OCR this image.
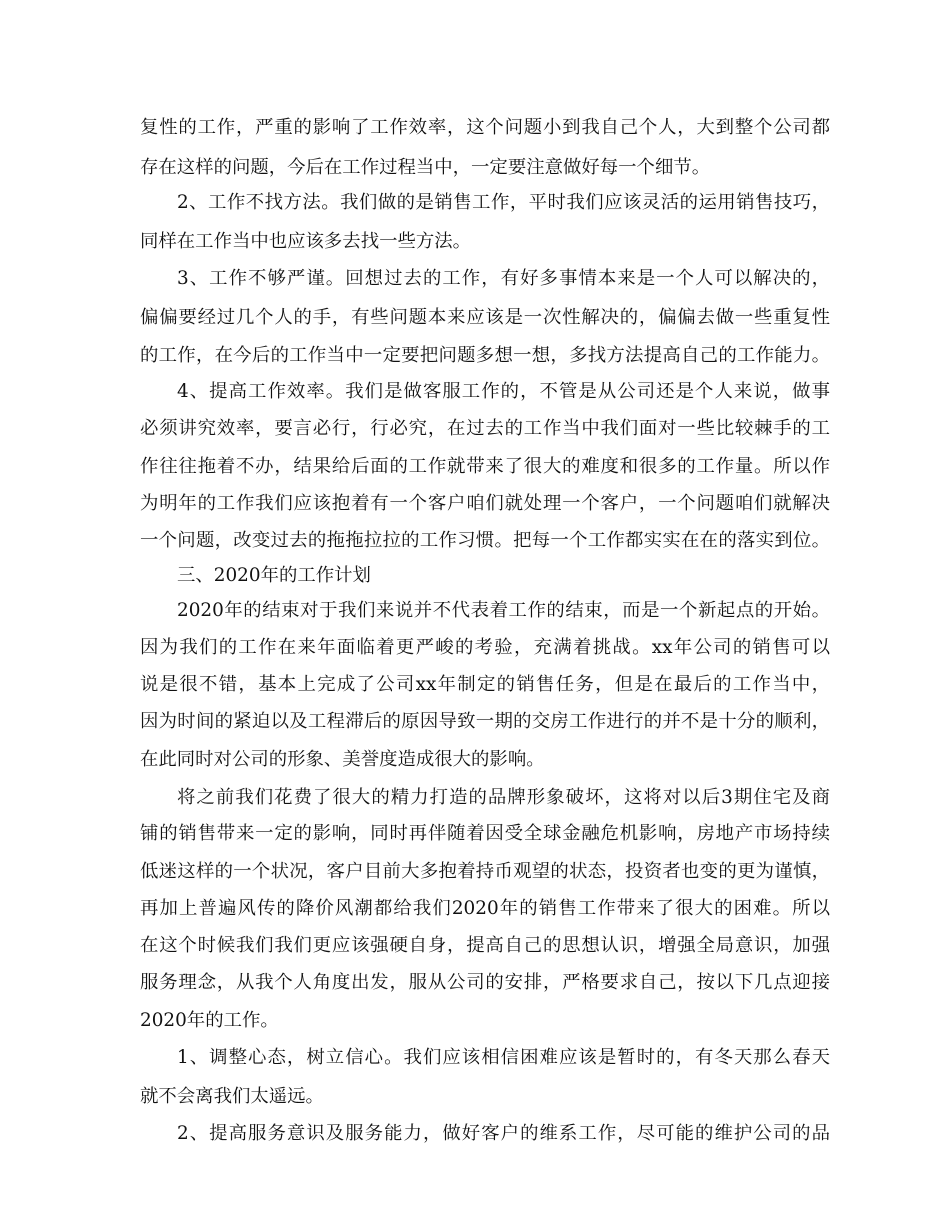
复性的工作，严重的影响了工作效率，这个问题小到我自己个人，大到整个公司都

存在这样的问题，今后在工作过程当中，一定要注意做好每一个细节。

2、工作不找方法。我们做的是销售工作，平时我们应该灵活的运用销售技巧，

同样在工作当中也应该多去找一些方法。

3、工作不够严谨。回想过去的工作，有好多事情本来是一个人可以解决的，

偏偏要经过几个人的手，有些问题本来应该是一次性解决的，偏偏去做一些重复性

的工作，在今后的工作当中一定要把问题多想一想，多找方法提高自己的工作能力。

4、提高工作效率。我们是做客服工作的，不管是从公司还是个人来说，做事

必须讲究效率，要言必行，行必究，在过去的工作当中我们面对一些比较棘手的工

作往往拖着不办，结果给后面的工作就带来了很大的难度和很多的工作量。所以作

为明年的工作我们应该抱着有一个客户咱们就处理一个客户，一个问题咱们就解决

一个问题，改变过去的拖拖拉拉的工作习惯。把每一个工作都实实在在的落实到位。

三、2020年的工作计划

2020年的结束对于我们来说并不代表着工作的结束，而是一个新起点的开始。

因为我们的工作在来年面临着更严峻的考验，充满着挑战。xx年公司的销售可以

说是很不错，基本上完成了公司xx年制定的销售任务，但是在最后的工作当中，

因为时间的紧迫以及工程滞后的原因导致一期的交房工作进行的并不是十分的顺利，

在此同时对公司的形象、美誉度造成很大的影响。

将之前我们花费了很大的精力打造的品牌形象破坏，这将对以后3期住宅及商

铺的销售带来一定的影响，同时再伴随着因受全球金融危机影响，房地产市场持续

低迷这样的一个状况，客户目前大多抱着持币观望的状态，投资者也变的更为谨慎，

再加上普遍风传的降价风潮都给我们2020年的销售工作带来了很大的困难。所以

在这个时候我们我们更应该强硬自身，提高自己的思想认识，增强全局意识，加强

服务理念，从我个人角度出发，服从公司的安排，严格要求自己，按以下几点迎接

2020年的工作。

1、调整心态，树立信心。我们应该相信困难应该是暂时的，有冬天那么春天

就不会离我们太遥远。

2、提高服务意识及服务能力，做好客户的维系工作，尽可能的维护公司的品
